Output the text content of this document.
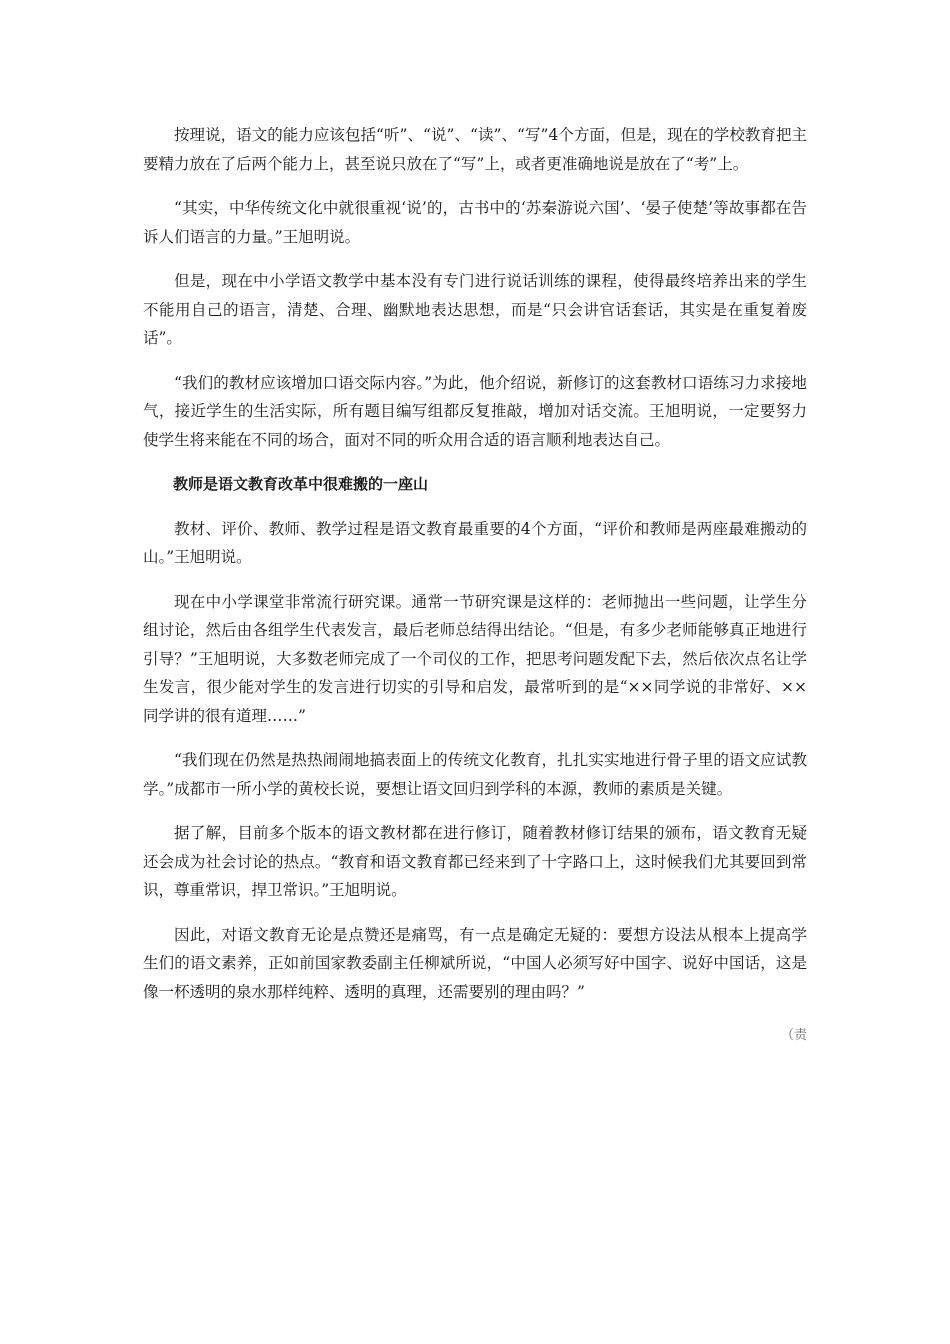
按理说，语文的能力应该包括“听”、“说”、“读”、“写”4个方面，但是，现在的学校教育把主要精力放在了后两个能力上，甚至说只放在了“写”上，或者更准确地说是放在了“考”上。

“其实，中华传统文化中就很重视‘说’的，古书中的‘苏秦游说六国’、‘晏子使楚’等故事都在告诉人们语言的力量。”王旭明说。

但是，现在中小学语文教学中基本没有专门进行说话训练的课程，使得最终培养出来的学生不能用自己的语言，清楚、合理、幽默地表达思想，而是“只会讲官话套话，其实是在重复着废话”。

“我们的教材应该增加口语交际内容。”为此，他介绍说，新修订的这套教材口语练习力求接地气，接近学生的生活实际，所有题目编写组都反复推敲，增加对话交流。王旭明说，一定要努力使学生将来能在不同的场合，面对不同的听众用合适的语言顺利地表达自己。

教师是语文教育改革中很难搬的一座山

教材、评价、教师、教学过程是语文教育最重要的4个方面，“评价和教师是两座最难搬动的山。”王旭明说。

现在中小学课堂非常流行研究课。通常一节研究课是这样的：老师抛出一些问题，让学生分组讨论，然后由各组学生代表发言，最后老师总结得出结论。“但是，有多少老师能够真正地进行引导？”王旭明说，大多数老师完成了一个司仪的工作，把思考问题发配下去，然后依次点名让学生发言，很少能对学生的发言进行切实的引导和启发，最常听到的是“××同学说的非常好、××同学讲的很有道理……”

“我们现在仍然是热热闹闹地搞表面上的传统文化教育，扎扎实实地进行骨子里的语文应试教学。”成都市一所小学的黄校长说，要想让语文回归到学科的本源，教师的素质是关键。

据了解，目前多个版本的语文教材都在进行修订，随着教材修订结果的颁布，语文教育无疑还会成为社会讨论的热点。“教育和语文教育都已经来到了十字路口上，这时候我们尤其要回到常识，尊重常识，捍卫常识。”王旭明说。

因此，对语文教育无论是点赞还是痛骂，有一点是确定无疑的：要想方设法从根本上提高学生们的语文素养，正如前国家教委副主任柳斌所说，“中国人必须写好中国字、说好中国话，这是像一杯透明的泉水那样纯粹、透明的真理，还需要别的理由吗？”

（责
